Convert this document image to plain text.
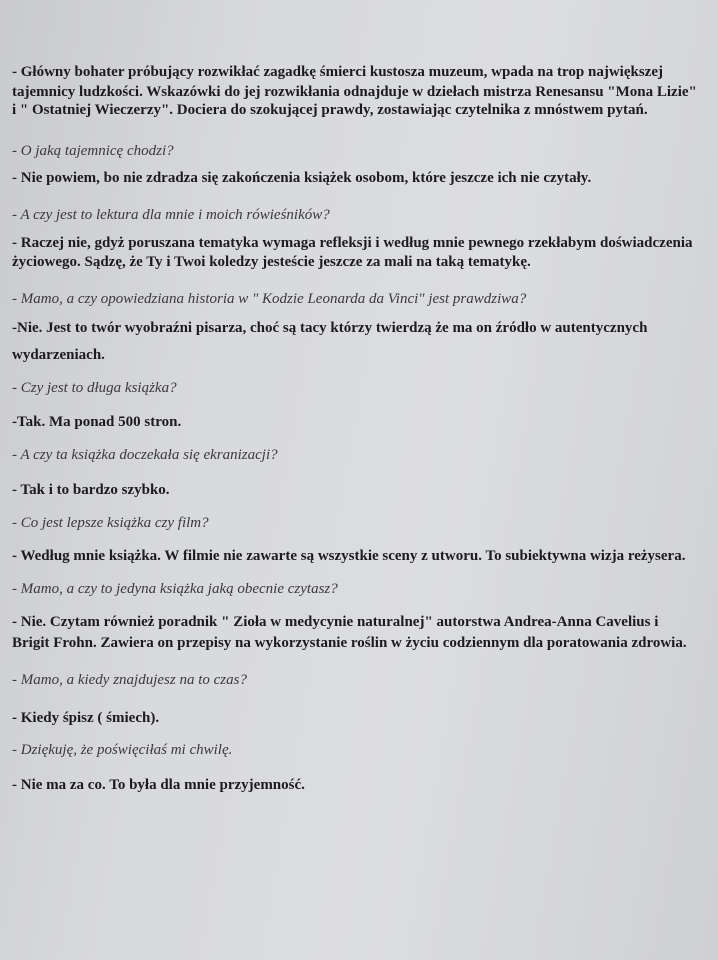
- Główny bohater próbujący rozwikłać zagadkę śmierci kustosza muzeum, wpada na trop największej
tajemnicy ludzkości. Wskazówki do jej rozwikłania odnajduje w dziełach mistrza Renesansu "Mona Lizie"
i " Ostatniej Wieczerzy". Dociera do szokującej prawdy, zostawiając czytelnika z mnóstwem pytań.
- O jaką tajemnicę chodzi?
- Nie powiem, bo nie zdradza się zakończenia książek osobom, które jeszcze ich nie czytały.
- A czy jest to lektura dla mnie i moich rówieśników?
- Raczej nie, gdyż poruszana tematyka wymaga refleksji i według mnie pewnego rzekłabym doświadczenia
życiowego. Sądzę, że Ty i Twoi koledzy jesteście jeszcze za mali na taką tematykę.
- Mamo, a czy opowiedziana historia w " Kodzie Leonarda da Vinci" jest prawdziwa?
-Nie. Jest to twór wyobraźni pisarza, choć są tacy którzy twierdzą że ma on źródło w autentycznych
wydarzeniach.
- Czy jest to długa książka?
-Tak. Ma ponad 500 stron.
- A czy ta książka doczekała się ekranizacji?
- Tak i to bardzo szybko.
- Co jest lepsze książka czy film?
- Według mnie książka. W filmie nie zawarte są wszystkie sceny z utworu. To subiektywna wizja reżysera.
- Mamo, a czy to jedyna książka jaką obecnie czytasz?
- Nie. Czytam również poradnik " Zioła w medycynie naturalnej" autorstwa Andrea-Anna Cavelius i
Brigit Frohn. Zawiera on przepisy na wykorzystanie roślin w życiu codziennym dla poratowania zdrowia.
- Mamo, a kiedy znajdujesz na to czas?
- Kiedy śpisz ( śmiech).
- Dziękuję, że poświęciłaś mi chwilę.
- Nie ma za co. To była dla mnie przyjemność.
